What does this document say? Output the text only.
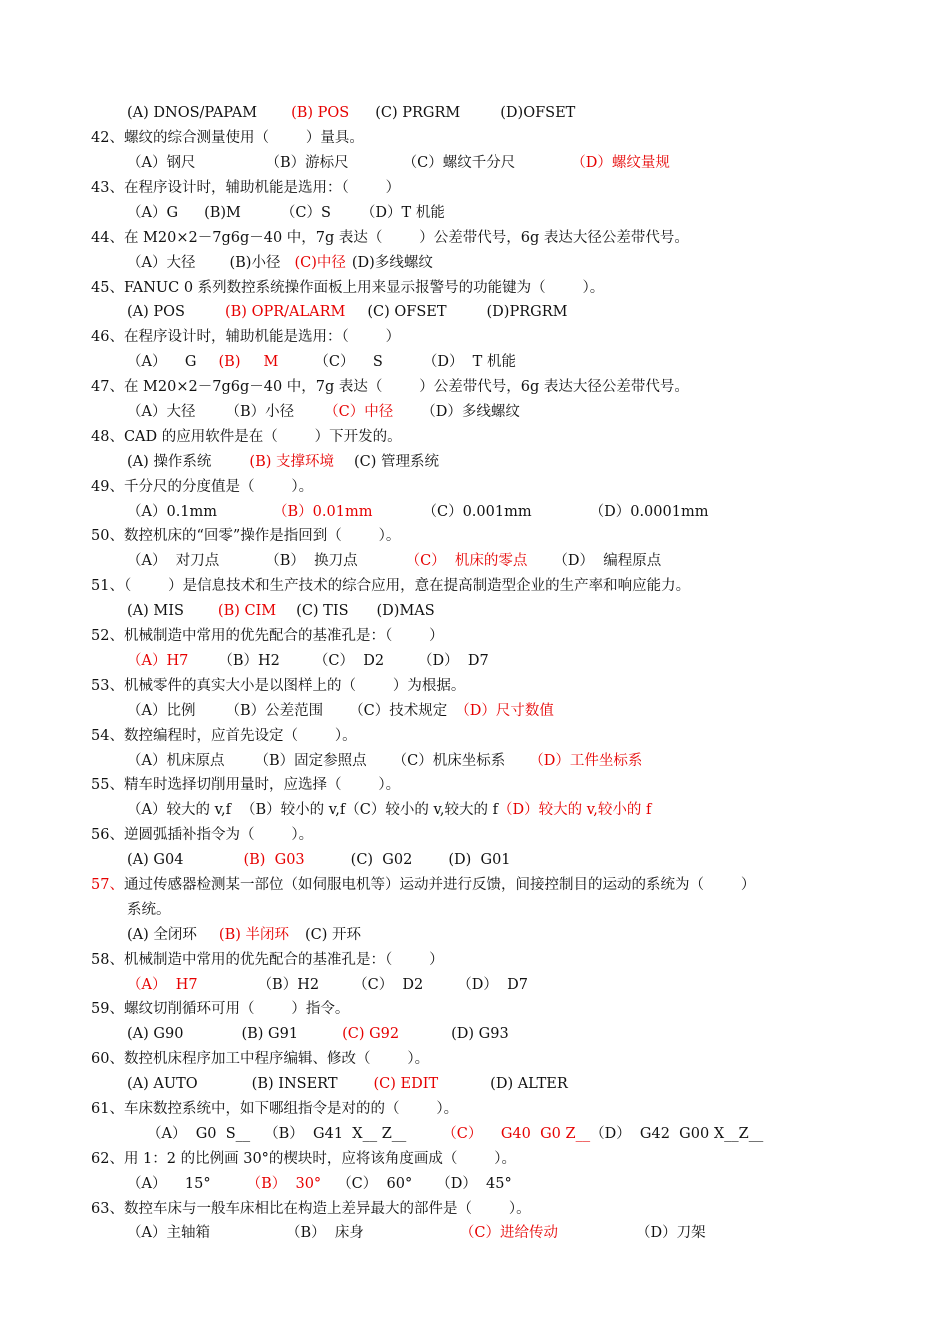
(A) DNOS/PAPAM (B) POS (C) PRGRM	(D)OFSET
42、螺纹的综合测量使用（        ）量具。
（A）钢尺	（B）游标尺	（C）螺纹千分尺	（D）螺纹量规
43、在程序设计时，辅助机能是选用：（        ）
（A）G (B)M	（C）S （D）T 机能
44、在 M20×2－7g6g－40 中，7g 表达（        ）公差带代号，6g 表达大径公差带代号。
（A）大径 (B)小径 (C)中径 (D)多线螺纹
45、FANUC 0 系列数控系统操作面板上用来显示报警号的功能键为（        ）。
(A) POS	(B) OPR/ALARM (C) OFSET	(D)PRGRM
46、在程序设计时，辅助机能是选用：（        ）
（A）    G (B)     M （C）    S	（D）  T 机能
47、在 M20×2－7g6g－40 中，7g 表达（        ）公差带代号，6g 表达大径公差带代号。
（A）大径 （B）小径 （C）中径 （D）多线螺纹
48、CAD 的应用软件是在（        ）下开发的。
(A) 操作系统	(B) 支撑环境 (C) 管理系统
49、千分尺的分度值是（        ）。
（A）0.1mm	（B）0.01mm	（C）0.001mm	（D）0.0001mm
50、数控机床的“回零”操作是指回到（        ）。
（A）  对刀点	（B）  换刀点	（C）  机床的零点 （D）  编程原点
51、（        ）是信息技术和生产技术的综合应用，意在提高制造型企业的生产率和响应能力。
(A) MIS (B) CIM (C) TIS (D)MAS
52、机械制造中常用的优先配合的基准孔是：（        ）
（A）H7 （B）H2 （C）  D2 （D）  D7
53、机械零件的真实大小是以图样上的（        ）为根据。
（A）比例 （B）公差范围 （C）技术规定 （D）尺寸数值
54、数控编程时，应首先设定（        ）。
（A）机床原点 （B）固定参照点 （C）机床坐标系 （D）工件坐标系
55、精车时选择切削用量时，应选择（        ）。
（A）较大的 v,f （B）较小的 v,f（C）较小的 v,较大的 f（D）较大的 v,较小的 f
56、逆圆弧插补指令为（        ）。
(A) G04	(B)  G03	(C)  G02 (D)  G01
57、通过传感器检测某一部位（如伺服电机等）运动并进行反馈，间接控制目的运动的系统为（        ）
系统。
(A) 全闭环 (B) 半闭环 (C) 开环
58、机械制造中常用的优先配合的基准孔是：（        ）
（A）  H7	（B）H2 （C）  D2 （D）  D7
59、螺纹切削循环可用（        ）指令。
(A) G90	(B) G91	(C) G92	(D) G93
60、数控机床程序加工中程序编辑、修改（        ）。
(A) AUTO	(B) INSERT (C) EDIT	(D) ALTER
61、车床数控系统中，如下哪组指令是对的的（        ）。
（A）  G0  S__ （B）  G41  X__ Z__ （C）    G40  G0 Z__（D）  G42  G00 X__Z__
62、用 1：2 的比例画 30°的楔块时，应将该角度画成（        ）。
（A）    15° （B）  30° （C）  60° （D）  45°
63、数控车床与一般车床相比在构造上差异最大的部件是（        ）。
（A）主轴箱	（B）  床身	（C）进给传动	（D）刀架
